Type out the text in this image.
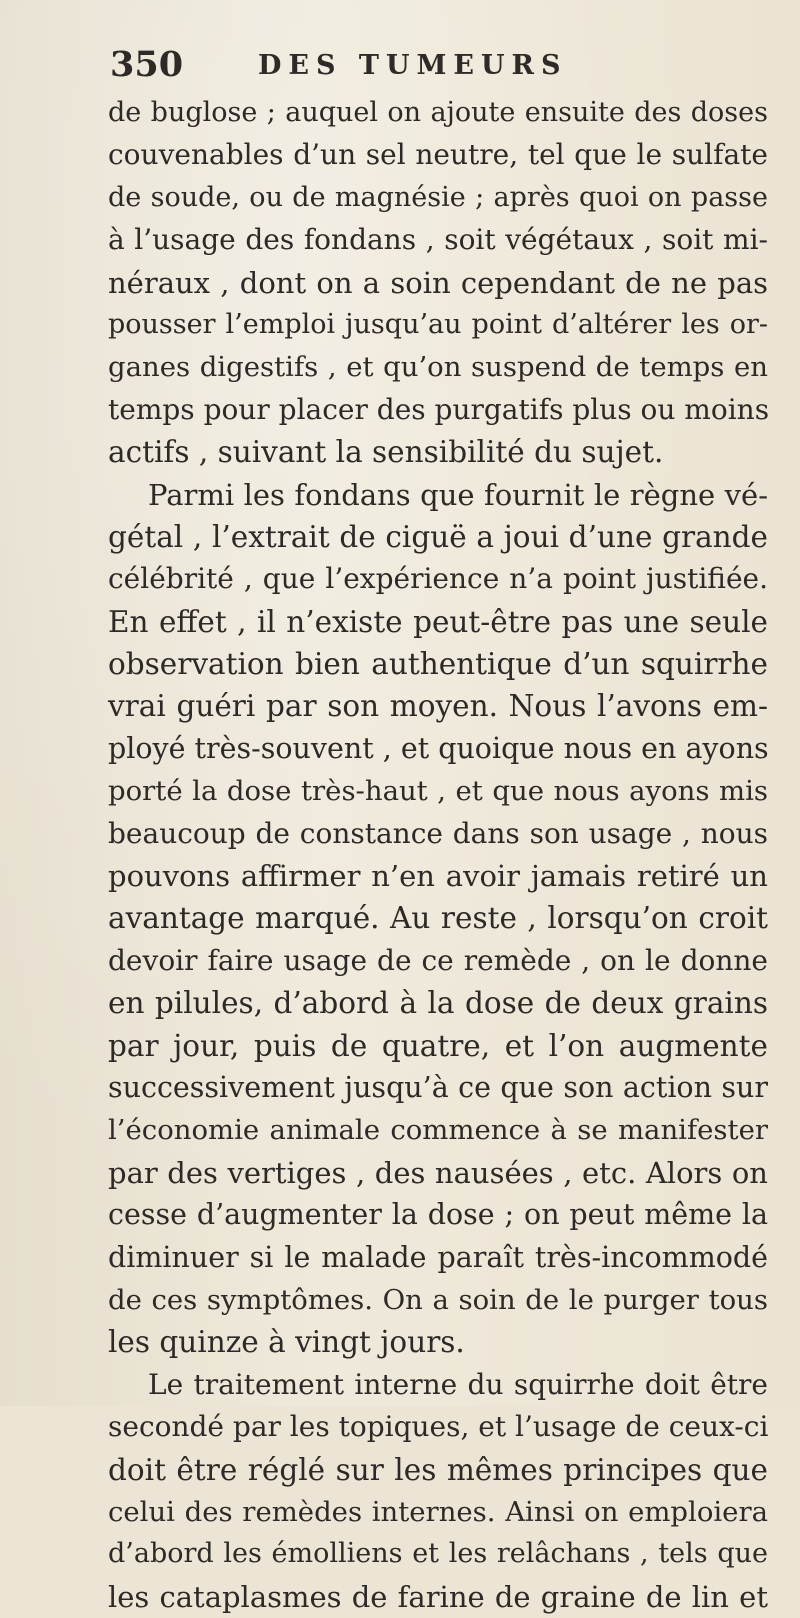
350	DES TUMEURS
de buglose ; auquel on ajoute ensuite des doses
couvenables d’un sel neutre, tel que le sulfate
de soude, ou de magnésie ; après quoi on passe
à l’usage des fondans , soit végétaux , soit mi-
néraux , dont on a soin cependant de ne pas
pousser l’emploi jusqu’au point d’altérer les or-
ganes digestifs , et qu’on suspend de temps en
temps pour placer des purgatifs plus ou moins
actifs , suivant la sensibilité du sujet.
Parmi les fondans que fournit le règne vé-
gétal , l’extrait de ciguë a joui d’une grande
célébrité , que l’expérience n’a point justifiée.
En effet , il n’existe peut-être pas une seule
observation bien authentique d’un squirrhe
vrai guéri par son moyen. Nous l’avons em-
ployé très-souvent , et quoique nous en ayons
porté la dose très-haut , et que nous ayons mis
beaucoup de constance dans son usage , nous
pouvons affirmer n’en avoir jamais retiré un
avantage marqué. Au reste , lorsqu’on croit
devoir faire usage de ce remède , on le donne
en pilules, d’abord à la dose de deux grains
par jour, puis de quatre, et l’on augmente
successivement jusqu’à ce que son action sur
l’économie animale commence à se manifester
par des vertiges , des nausées , etc. Alors on
cesse d’augmenter la dose ; on peut même la
diminuer si le malade paraît très-incommodé
de ces symptômes. On a soin de le purger tous
les quinze à vingt jours.
Le traitement interne du squirrhe doit être
secondé par les topiques, et l’usage de ceux-ci
doit être réglé sur les mêmes principes que
celui des remèdes internes. Ainsi on emploiera
d’abord les émolliens et les relâchans , tels que
les cataplasmes de farine de graine de lin et
